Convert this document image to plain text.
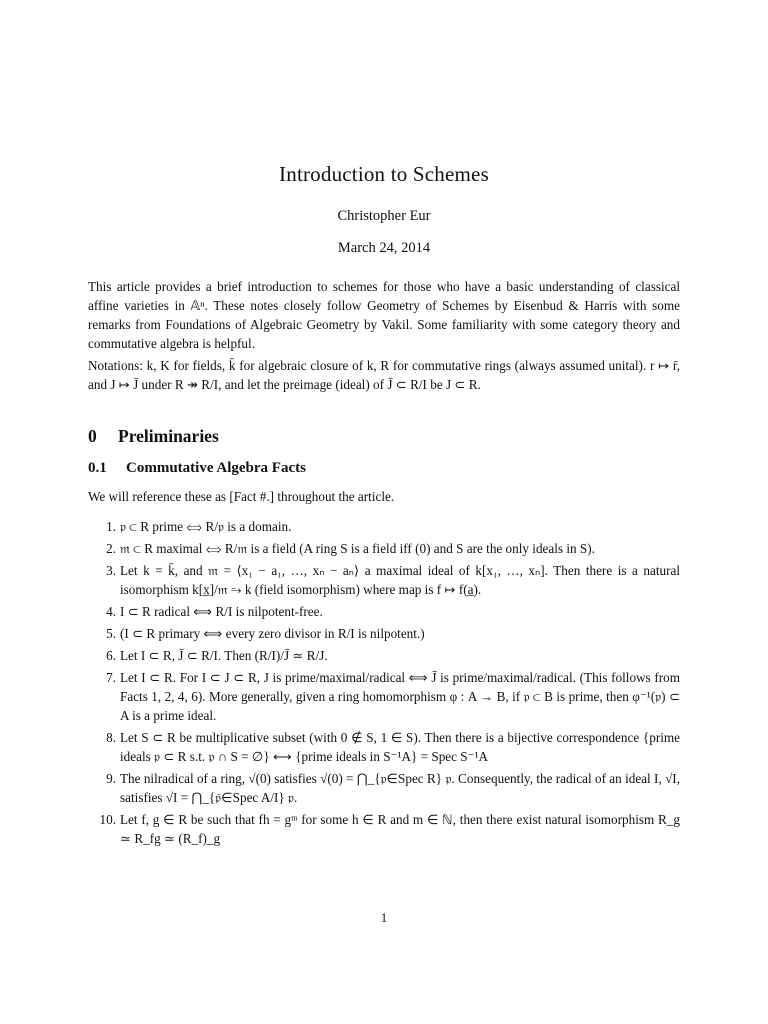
Introduction to Schemes
Christopher Eur
March 24, 2014

This article provides a brief introduction to schemes for those who have a basic understanding of classical affine varieties in 𝔸ⁿ. These notes closely follow Geometry of Schemes by Eisenbud & Harris with some remarks from Foundations of Algebraic Geometry by Vakil. Some familiarity with some category theory and commutative algebra is helpful.

Notations: k, K for fields, k̄ for algebraic closure of k, R for commutative rings (always assumed unital). r ↦ r̄, and J ↦ J̄ under R ↠ R/I, and let the preimage (ideal) of J̄ ⊂ R/I be J ⊂ R.

0 Preliminaries
0.1 Commutative Algebra Facts

We will reference these as [Fact #.] throughout the article.

1. 𝔭 ⊂ R prime ⟺ R/𝔭 is a domain.
2. 𝔪 ⊂ R maximal ⟺ R/𝔪 is a field (A ring S is a field iff (0) and S are the only ideals in S).
3. Let k = k̄, and 𝔪 = ⟨x₁ − a₁, …, xₙ − aₙ⟩ a maximal ideal of k[x₁, …, xₙ]. Then there is a natural isomorphism k[x̲]/𝔪 ⥲ k (field isomorphism) where map is f ↦ f(a̲).
4. I ⊂ R radical ⟺ R/I is nilpotent-free.
5. (I ⊂ R primary ⟺ every zero divisor in R/I is nilpotent.)
6. Let I ⊂ R, J̄ ⊂ R/I. Then (R/I)/J̄ ≃ R/J.
7. Let I ⊂ R. For I ⊂ J ⊂ R, J is prime/maximal/radical ⟺ J̄ is prime/maximal/radical. (This follows from Facts 1, 2, 4, 6). More generally, given a ring homomorphism φ : A → B, if 𝔭 ⊂ B is prime, then φ⁻¹(𝔭) ⊂ A is a prime ideal.
8. Let S ⊂ R be multiplicative subset (with 0 ∉ S, 1 ∈ S). Then there is a bijective correspondence {prime ideals 𝔭 ⊂ R s.t. 𝔭 ∩ S = ∅} ⟷ {prime ideals in S⁻¹A} = Spec S⁻¹A
9. The nilradical of a ring, √(0) satisfies √(0) = ⋂_{𝔭∈Spec R} 𝔭. Consequently, the radical of an ideal I, √I, satisfies √I = ⋂_{𝔭̄∈Spec A/I} 𝔭.
10. Let f, g ∈ R be such that fh = gᵐ for some h ∈ R and m ∈ ℕ, then there exist natural isomorphism R_g ≃ R_fg ≃ (R_f)_g
1
